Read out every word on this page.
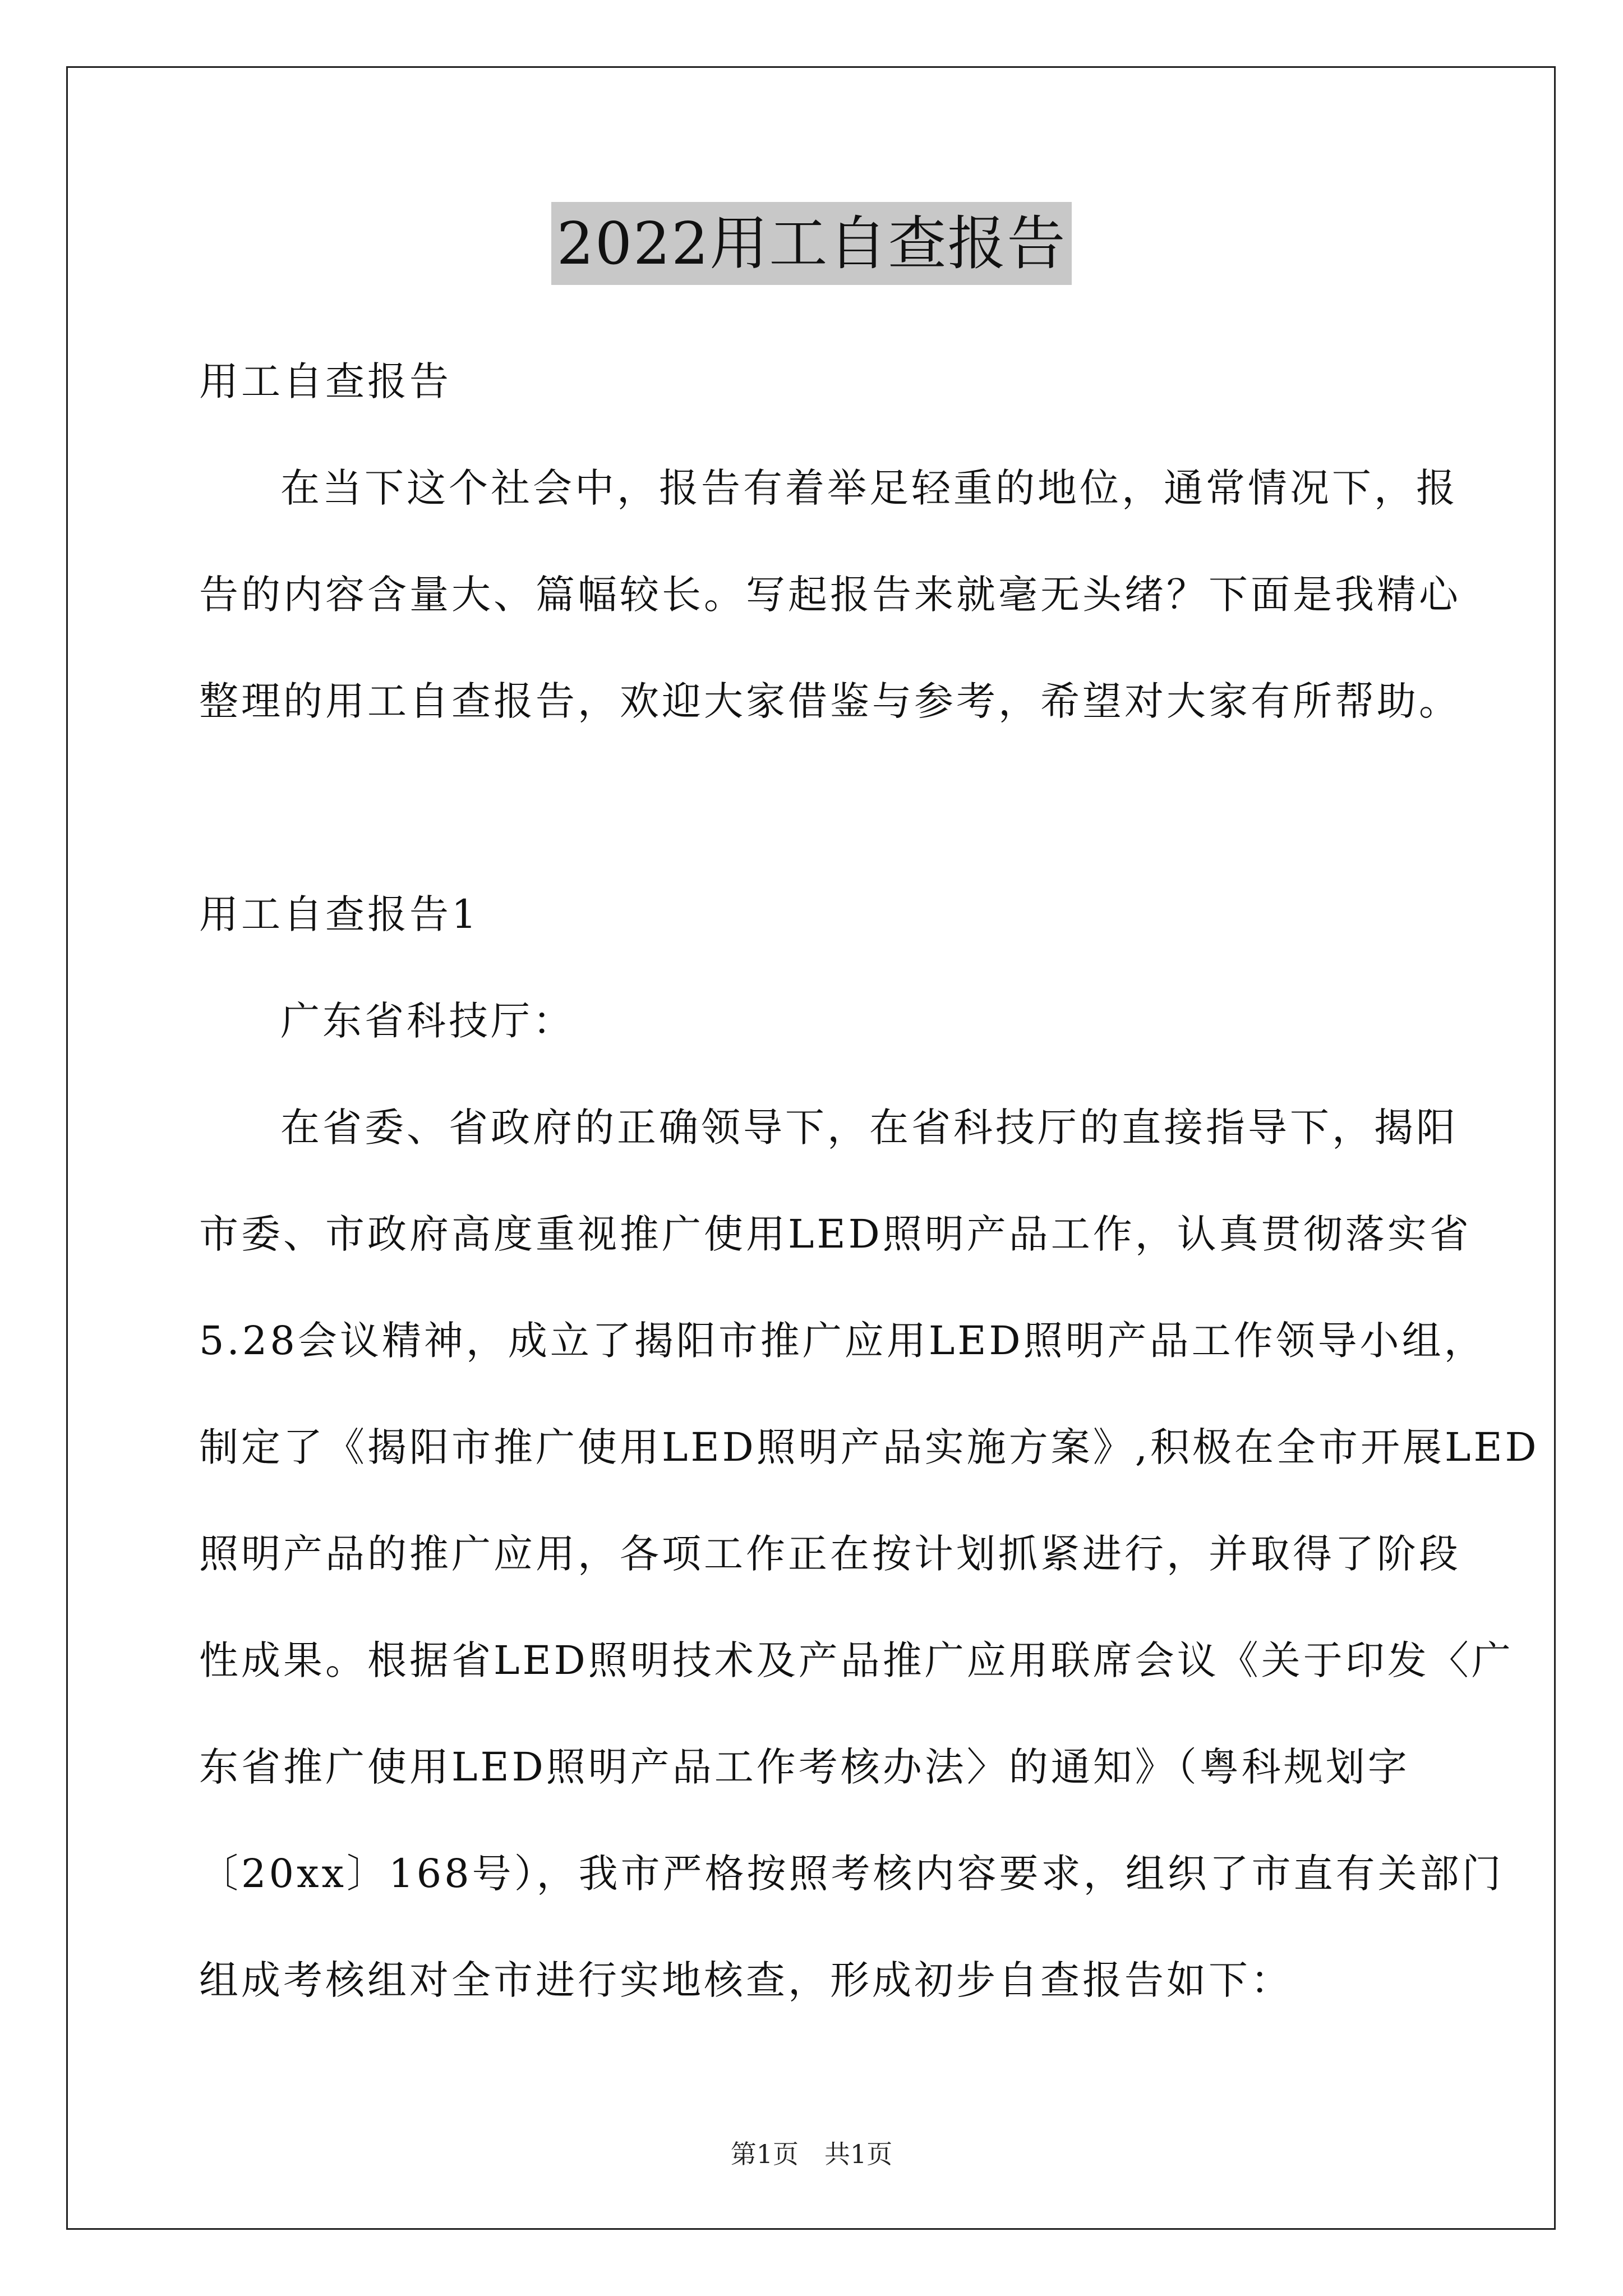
2022用工自查报告
用工自查报告
在当下这个社会中，报告有着举足轻重的地位，通常情况下，报
告的内容含量大、篇幅较长。写起报告来就毫无头绪？下面是我精心
整理的用工自查报告，欢迎大家借鉴与参考，希望对大家有所帮助。
用工自查报告1
广东省科技厅：
在省委、省政府的正确领导下，在省科技厅的直接指导下，揭阳
市委、市政府高度重视推广使用LED照明产品工作，认真贯彻落实省
5.28会议精神，成立了揭阳市推广应用LED照明产品工作领导小组，
制定了《揭阳市推广使用LED照明产品实施方案》,积极在全市开展LED
照明产品的推广应用，各项工作正在按计划抓紧进行，并取得了阶段
性成果。根据省LED照明技术及产品推广应用联席会议《关于印发〈广
东省推广使用LED照明产品工作考核办法〉的通知》（粤科规划字
〔20xx〕168号），我市严格按照考核内容要求，组织了市直有关部门
组成考核组对全市进行实地核查，形成初步自查报告如下：
第1页　共1页
